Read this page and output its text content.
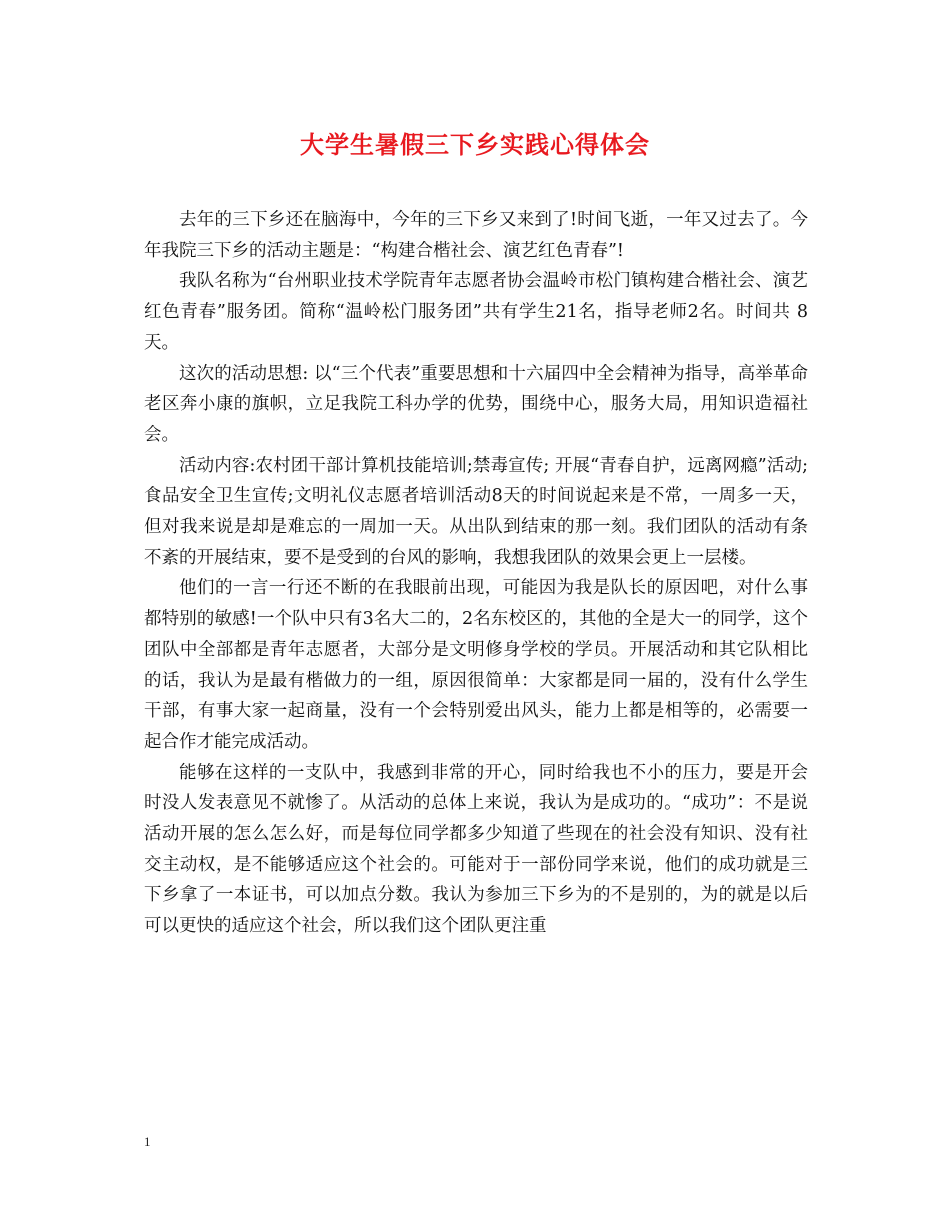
大学生暑假三下乡实践心得体会

去年的三下乡还在脑海中，今年的三下乡又来到了!时间飞逝，一年又过去了。今年我院三下乡的活动主题是：“构建合楷社会、演艺红色青春”!

我队名称为“台州职业技术学院青年志愿者协会温岭市松门镇构建合楷社会、演艺红色青春”服务团。简称“温岭松门服务团”共有学生21名，指导老师2名。时间共 8天。

这次的活动思想: 以“三个代表”重要思想和十六届四中全会精神为指导，高举革命老区奔小康的旗帜，立足我院工科办学的优势，围绕中心，服务大局，用知识造福社会。

活动内容:农村团干部计算机技能培训;禁毒宣传; 开展“青春自护，远离网瘾”活动;食品安全卫生宣传;文明礼仪志愿者培训活动8天的时间说起来是不常，一周多一天，但对我来说是却是难忘的一周加一天。从出队到结束的那一刻。我们团队的活动有条不紊的开展结束，要不是受到的台风的影响，我想我团队的效果会更上一层楼。

他们的一言一行还不断的在我眼前出现，可能因为我是队长的原因吧，对什么事都特别的敏感!一个队中只有3名大二的，2名东校区的，其他的全是大一的同学，这个团队中全部都是青年志愿者，大部分是文明修身学校的学员。开展活动和其它队相比的话，我认为是最有楷做力的一组，原因很简单：大家都是同一届的，没有什么学生干部，有事大家一起商量，没有一个会特别爱出风头，能力上都是相等的，必需要一起合作才能完成活动。

能够在这样的一支队中，我感到非常的开心，同时给我也不小的压力，要是开会时没人发表意见不就惨了。从活动的总体上来说，我认为是成功的。“成功”：不是说活动开展的怎么怎么好，而是每位同学都多少知道了些现在的社会没有知识、没有社交主动权，是不能够适应这个社会的。可能对于一部份同学来说，他们的成功就是三下乡拿了一本证书，可以加点分数。我认为参加三下乡为的不是别的，为的就是以后可以更快的适应这个社会，所以我们这个团队更注重

1
